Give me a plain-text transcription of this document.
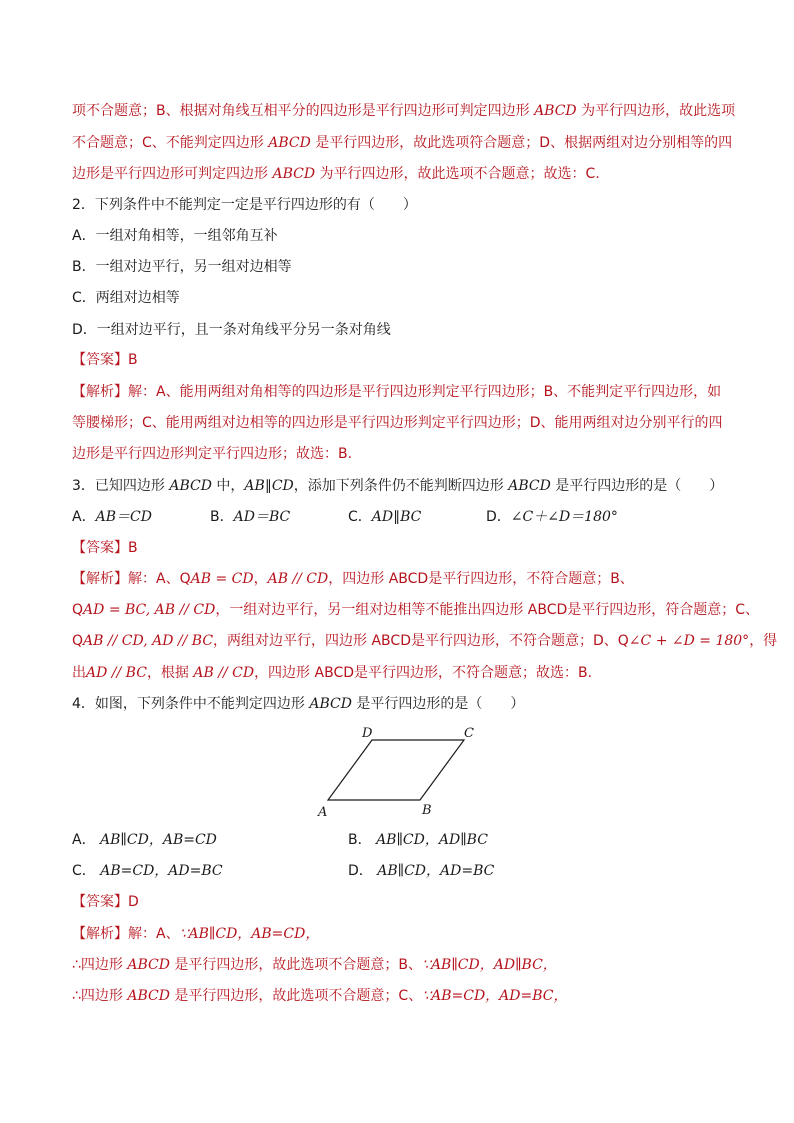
项不合题意；B、根据对角线互相平分的四边形是平行四边形可判定四边形 ABCD 为平行四边形，故此选项
不合题意；C、不能判定四边形 ABCD 是平行四边形，故此选项符合题意；D、根据两组对边分别相等的四
边形是平行四边形可判定四边形 ABCD 为平行四边形，故此选项不合题意；故选：C.
2．下列条件中不能判定一定是平行四边形的有（　　）
A．一组对角相等，一组邻角互补
B．一组对边平行，另一组对边相等
C．两组对边相等
D．一组对边平行，且一条对角线平分另一条对角线
【答案】B
【解析】解：A、能用两组对角相等的四边形是平行四边形判定平行四边形；B、不能判定平行四边形，如
等腰梯形；C、能用两组对边相等的四边形是平行四边形判定平行四边形；D、能用两组对边分别平行的四
边形是平行四边形判定平行四边形；故选：B.
3．已知四边形 ABCD 中，AB∥CD，添加下列条件仍不能判断四边形 ABCD 是平行四边形的是（　　）
A．AB＝CD	B．AD＝BC	C．AD∥BC	D．∠C＋∠D＝180°
【答案】B
【解析】解：A、QAB = CD，AB // CD，四边形 ABCD是平行四边形，不符合题意；B、
QAD = BC, AB // CD，一组对边平行，另一组对边相等不能推出四边形 ABCD是平行四边形，符合题意；C、
QAB // CD, AD // BC，两组对边平行，四边形 ABCD是平行四边形，不符合题意；D、Q∠C + ∠D = 180°，得
出AD // BC，根据 AB // CD，四边形 ABCD是平行四边形，不符合题意；故选：B.
4．如图，下列条件中不能判定四边形 ABCD 是平行四边形的是（　　）
A	B
C
D
A． AB∥CD，AB=CD	B． AB∥CD，AD∥BC
C． AB=CD，AD=BC	D． AB∥CD，AD=BC
【答案】D
【解析】解：A、∵AB∥CD，AB=CD，
∴四边形 ABCD 是平行四边形，故此选项不合题意；B、∵AB∥CD，AD∥BC，
∴四边形 ABCD 是平行四边形，故此选项不合题意；C、∵AB=CD，AD=BC，
